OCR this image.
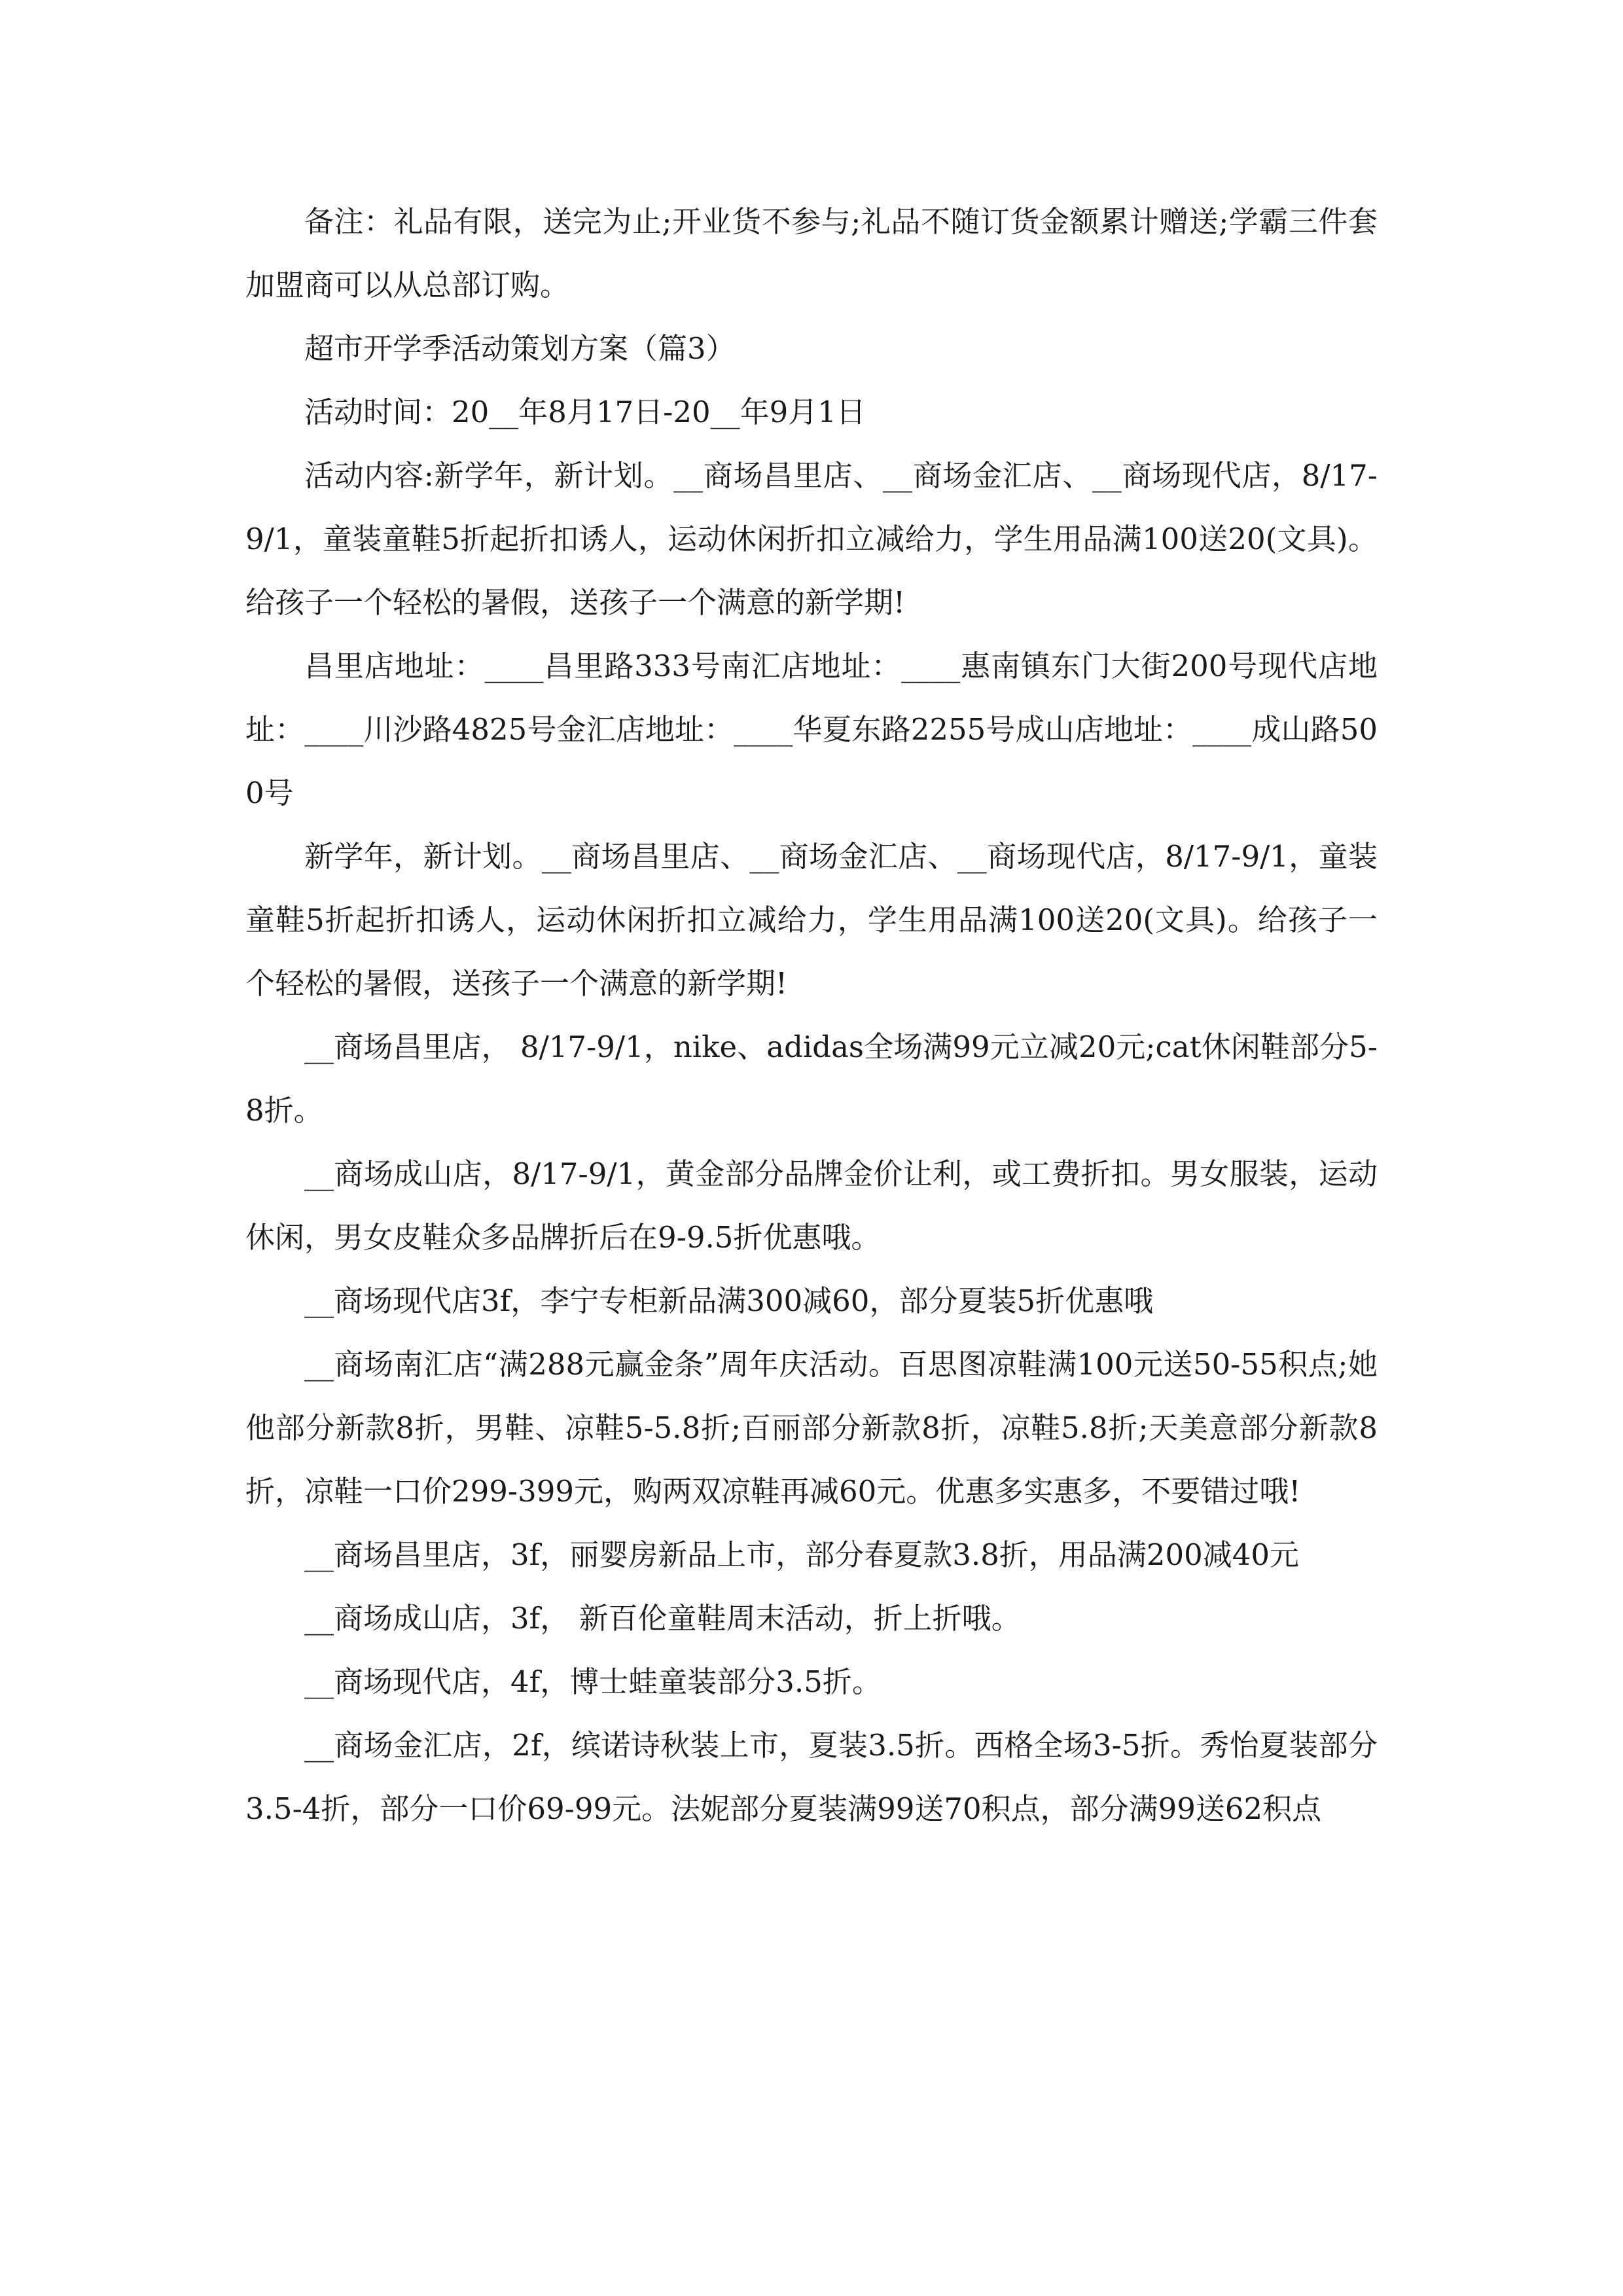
备注：礼品有限，送完为止;开业货不参与;礼品不随订货金额累计赠送;学霸三件套加盟商可以从总部订购。

超市开学季活动策划方案（篇3）

活动时间：20__年8月17日-20__年9月1日

活动内容:新学年，新计划。__商场昌里店、__商场金汇店、__商场现代店，8/17-9/1，童装童鞋5折起折扣诱人，运动休闲折扣立减给力，学生用品满100送20(文具)。给孩子一个轻松的暑假，送孩子一个满意的新学期!

昌里店地址：____昌里路333号南汇店地址：____惠南镇东门大街200号现代店地址：____川沙路4825号金汇店地址：____华夏东路2255号成山店地址：____成山路500号

新学年，新计划。__商场昌里店、__商场金汇店、__商场现代店，8/17-9/1，童装童鞋5折起折扣诱人，运动休闲折扣立减给力，学生用品满100送20(文具)。给孩子一个轻松的暑假，送孩子一个满意的新学期!

__商场昌里店， 8/17-9/1，nike、adidas全场满99元立减20元;cat休闲鞋部分5-8折。

__商场成山店，8/17-9/1，黄金部分品牌金价让利，或工费折扣。男女服装，运动休闲，男女皮鞋众多品牌折后在9-9.5折优惠哦。

__商场现代店3f，李宁专柜新品满300减60，部分夏装5折优惠哦

__商场南汇店“满288元赢金条”周年庆活动。百思图凉鞋满100元送50-55积点;她他部分新款8折，男鞋、凉鞋5-5.8折;百丽部分新款8折，凉鞋5.8折;天美意部分新款8折，凉鞋一口价299-399元，购两双凉鞋再减60元。优惠多实惠多，不要错过哦!

__商场昌里店，3f，丽婴房新品上市，部分春夏款3.8折，用品满200减40元

__商场成山店，3f， 新百伦童鞋周末活动，折上折哦。

__商场现代店，4f，博士蛙童装部分3.5折。

__商场金汇店，2f，缤诺诗秋装上市，夏装3.5折。西格全场3-5折。秀怡夏装部分3.5-4折，部分一口价69-99元。法妮部分夏装满99送70积点，部分满99送62积点
